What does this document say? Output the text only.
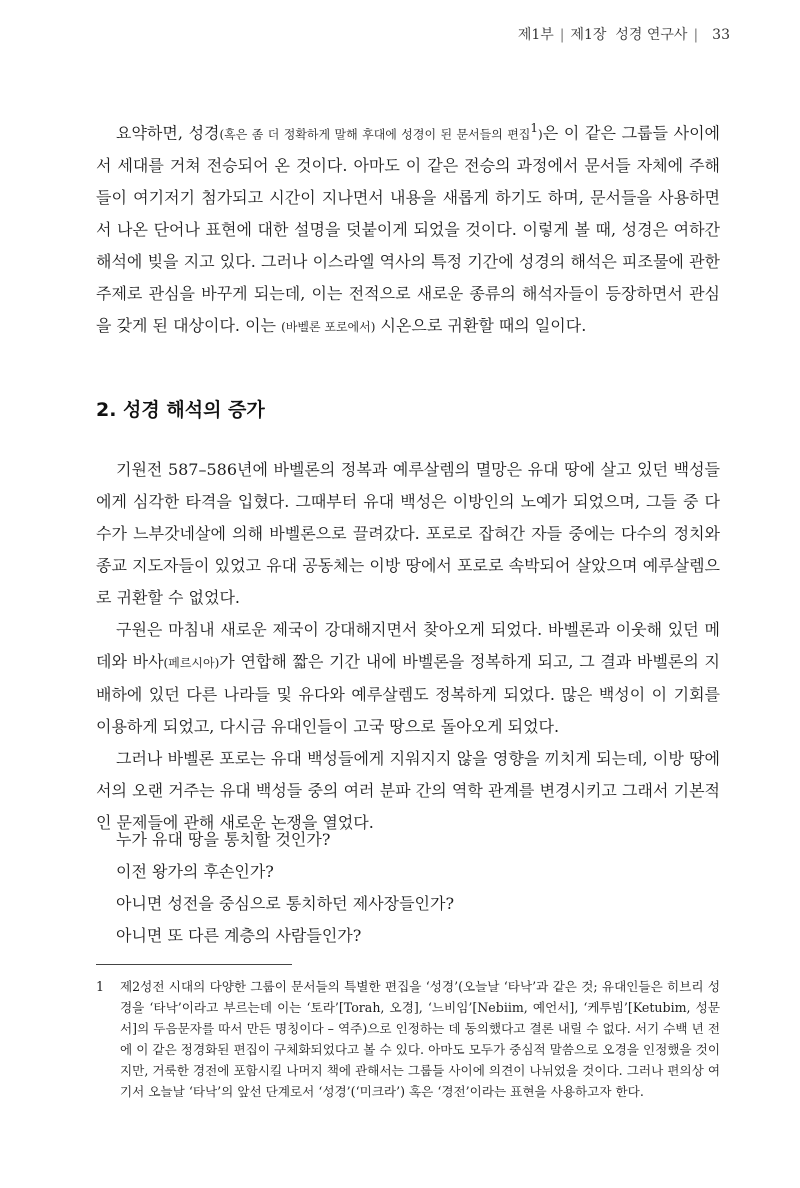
제1부 | 제1장 성경 연구사 | 33

요약하면, 성경(혹은 좀 더 정확하게 말해 후대에 성경이 된 문서들의 편집$^1$)은 이 같은 그룹들 사이에서 세대를 거쳐 전승되어 온 것이다. 아마도 이 같은 전승의 과정에서 문서들 자체에 주해들이 여기저기 첨가되고 시간이 지나면서 내용을 새롭게 하기도 하며, 문서들을 사용하면서 나온 단어나 표현에 대한 설명을 덧붙이게 되었을 것이다. 이렇게 볼 때, 성경은 여하간 해석에 빚을 지고 있다. 그러나 이스라엘 역사의 특정 기간에 성경의 해석은 피조물에 관한 주제로 관심을 바꾸게 되는데, 이는 전적으로 새로운 종류의 해석자들이 등장하면서 관심을 갖게 된 대상이다. 이는 (바벨론 포로에서) 시온으로 귀환할 때의 일이다.

2. 성경 해석의 증가

기원전 587–586년에 바벨론의 정복과 예루살렘의 멸망은 유대 땅에 살고 있던 백성들에게 심각한 타격을 입혔다. 그때부터 유대 백성은 이방인의 노예가 되었으며, 그들 중 다수가 느부갓네살에 의해 바벨론으로 끌려갔다. 포로로 잡혀간 자들 중에는 다수의 정치와 종교 지도자들이 있었고 유대 공동체는 이방 땅에서 포로로 속박되어 살았으며 예루살렘으로 귀환할 수 없었다.

구원은 마침내 새로운 제국이 강대해지면서 찾아오게 되었다. 바벨론과 이웃해 있던 메데와 바사(페르시아)가 연합해 짧은 기간 내에 바벨론을 정복하게 되고, 그 결과 바벨론의 지배하에 있던 다른 나라들 및 유다와 예루살렘도 정복하게 되었다. 많은 백성이 이 기회를 이용하게 되었고, 다시금 유대인들이 고국 땅으로 돌아오게 되었다.

그러나 바벨론 포로는 유대 백성들에게 지워지지 않을 영향을 끼치게 되는데, 이방 땅에서의 오랜 거주는 유대 백성들 중의 여러 분파 간의 역학 관계를 변경시키고 그래서 기본적인 문제들에 관해 새로운 논쟁을 열었다.

누가 유대 땅을 통치할 것인가?
이전 왕가의 후손인가?
아니면 성전을 중심으로 통치하던 제사장들인가?
아니면 또 다른 계층의 사람들인가?
1 제2성전 시대의 다양한 그룹이 문서들의 특별한 편집을 ‘성경’(오늘날 ‘타낙’과 같은 것; 유대인들은 히브리 성경을 ‘타낙’이라고 부르는데 이는 ‘토라’[Torah, 오경], ‘느비임’[Nebiim, 예언서], ‘케투빔’[Ketubim, 성문서]의 두음문자를 따서 만든 명칭이다 – 역주)으로 인정하는 데 동의했다고 결론 내릴 수 없다. 서기 수백 년 전에 이 같은 정경화된 편집이 구체화되었다고 볼 수 있다. 아마도 모두가 중심적 말씀으로 오경을 인정했을 것이지만, 거룩한 경전에 포함시킬 나머지 책에 관해서는 그룹들 사이에 의견이 나뉘었을 것이다. 그러나 편의상 여기서 오늘날 ‘타낙’의 앞선 단계로서 ‘성경’(‘미크라’) 혹은 ‘경전’이라는 표현을 사용하고자 한다.
